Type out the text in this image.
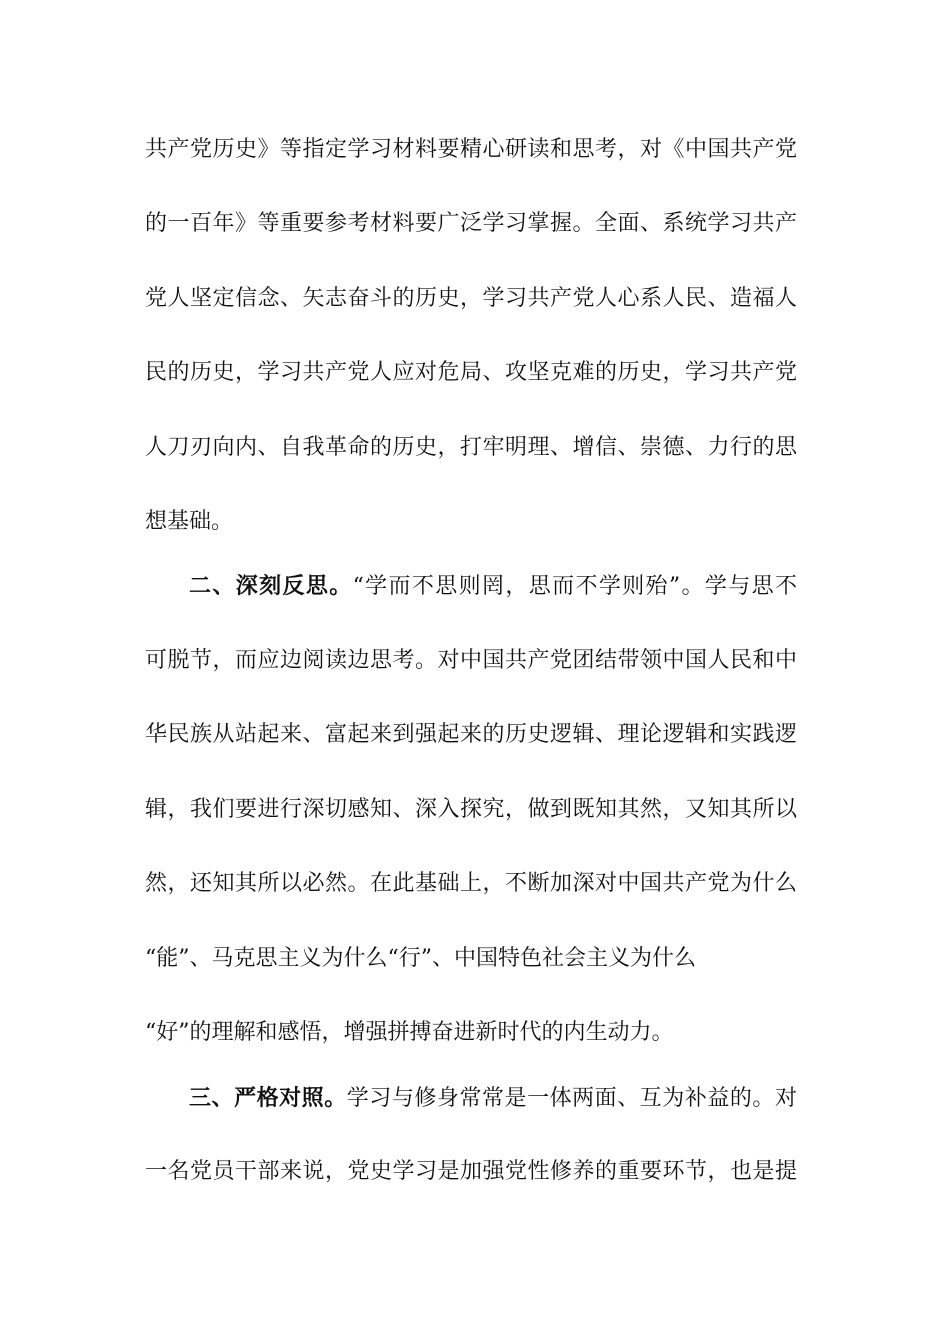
共产党历史》等指定学习材料要精心研读和思考，对《中国共产党
的一百年》等重要参考材料要广泛学习掌握。全面、系统学习共产
党人坚定信念、矢志奋斗的历史，学习共产党人心系人民、造福人
民的历史，学习共产党人应对危局、攻坚克难的历史，学习共产党
人刀刃向内、自我革命的历史，打牢明理、增信、崇德、力行的思
想基础。
二、深刻反思。“学而不思则罔，思而不学则殆”。学与思不
可脱节，而应边阅读边思考。对中国共产党团结带领中国人民和中
华民族从站起来、富起来到强起来的历史逻辑、理论逻辑和实践逻
辑，我们要进行深切感知、深入探究，做到既知其然，又知其所以
然，还知其所以必然。在此基础上，不断加深对中国共产党为什么
“能”、马克思主义为什么“行”、中国特色社会主义为什么
“好”的理解和感悟，增强拼搏奋进新时代的内生动力。
三、严格对照。学习与修身常常是一体两面、互为补益的。对
一名党员干部来说，党史学习是加强党性修养的重要环节，也是提
